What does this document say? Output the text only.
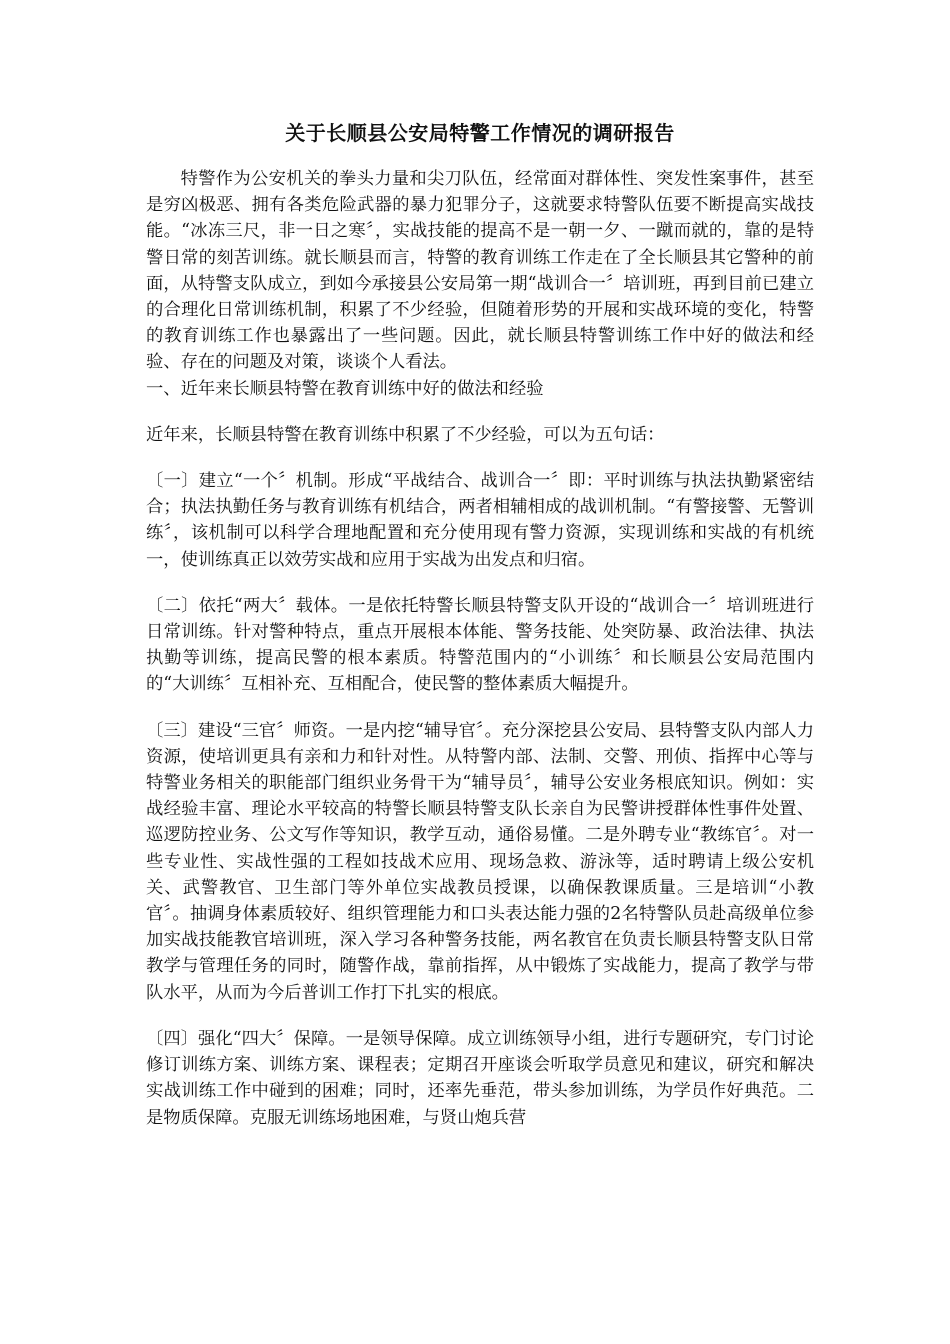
关于长顺县公安局特警工作情况的调研报告

特警作为公安机关的拳头力量和尖刀队伍，经常面对群体性、突发性案事件，甚至是穷凶极恶、拥有各类危险武器的暴力犯罪分子，这就要求特警队伍要不断提高实战技能。“冰冻三尺，非一日之寒〞，实战技能的提高不是一朝一夕、一蹴而就的，靠的是特警日常的刻苦训练。就长顺县而言，特警的教育训练工作走在了全长顺县其它警种的前面，从特警支队成立，到如今承接县公安局第一期“战训合一〞培训班，再到目前已建立的合理化日常训练机制，积累了不少经验，但随着形势的开展和实战环境的变化，特警的教育训练工作也暴露出了一些问题。因此，就长顺县特警训练工作中好的做法和经验、存在的问题及对策，谈谈个人看法。

一、近年来长顺县特警在教育训练中好的做法和经验

近年来，长顺县特警在教育训练中积累了不少经验，可以为五句话：

〔一〕建立“一个〞机制。形成“平战结合、战训合一〞即：平时训练与执法执勤紧密结合；执法执勤任务与教育训练有机结合，两者相辅相成的战训机制。“有警接警、无警训练〞，该机制可以科学合理地配置和充分使用现有警力资源，实现训练和实战的有机统一，使训练真正以效劳实战和应用于实战为出发点和归宿。

〔二〕依托“两大〞载体。一是依托特警长顺县特警支队开设的“战训合一〞培训班进行日常训练。针对警种特点，重点开展根本体能、警务技能、处突防暴、政治法律、执法执勤等训练，提高民警的根本素质。特警范围内的“小训练〞和长顺县公安局范围内的“大训练〞互相补充、互相配合，使民警的整体素质大幅提升。

〔三〕建设“三官〞师资。一是内挖“辅导官〞。充分深挖县公安局、县特警支队内部人力资源，使培训更具有亲和力和针对性。从特警内部、法制、交警、刑侦、指挥中心等与特警业务相关的职能部门组织业务骨干为“辅导员〞，辅导公安业务根底知识。例如：实战经验丰富、理论水平较高的特警长顺县特警支队长亲自为民警讲授群体性事件处置、巡逻防控业务、公文写作等知识，教学互动，通俗易懂。二是外聘专业“教练官〞。对一些专业性、实战性强的工程如技战术应用、现场急救、游泳等，适时聘请上级公安机关、武警教官、卫生部门等外单位实战教员授课，以确保教课质量。三是培训“小教官〞。抽调身体素质较好、组织管理能力和口头表达能力强的2名特警队员赴高级单位参加实战技能教官培训班，深入学习各种警务技能，两名教官在负责长顺县特警支队日常教学与管理任务的同时，随警作战，靠前指挥，从中锻炼了实战能力，提高了教学与带队水平，从而为今后普训工作打下扎实的根底。

〔四〕强化“四大〞保障。一是领导保障。成立训练领导小组，进行专题研究，专门讨论修订训练方案、训练方案、课程表；定期召开座谈会听取学员意见和建议，研究和解决实战训练工作中碰到的困难；同时，还率先垂范，带头参加训练，为学员作好典范。二是物质保障。克服无训练场地困难，与贤山炮兵营
